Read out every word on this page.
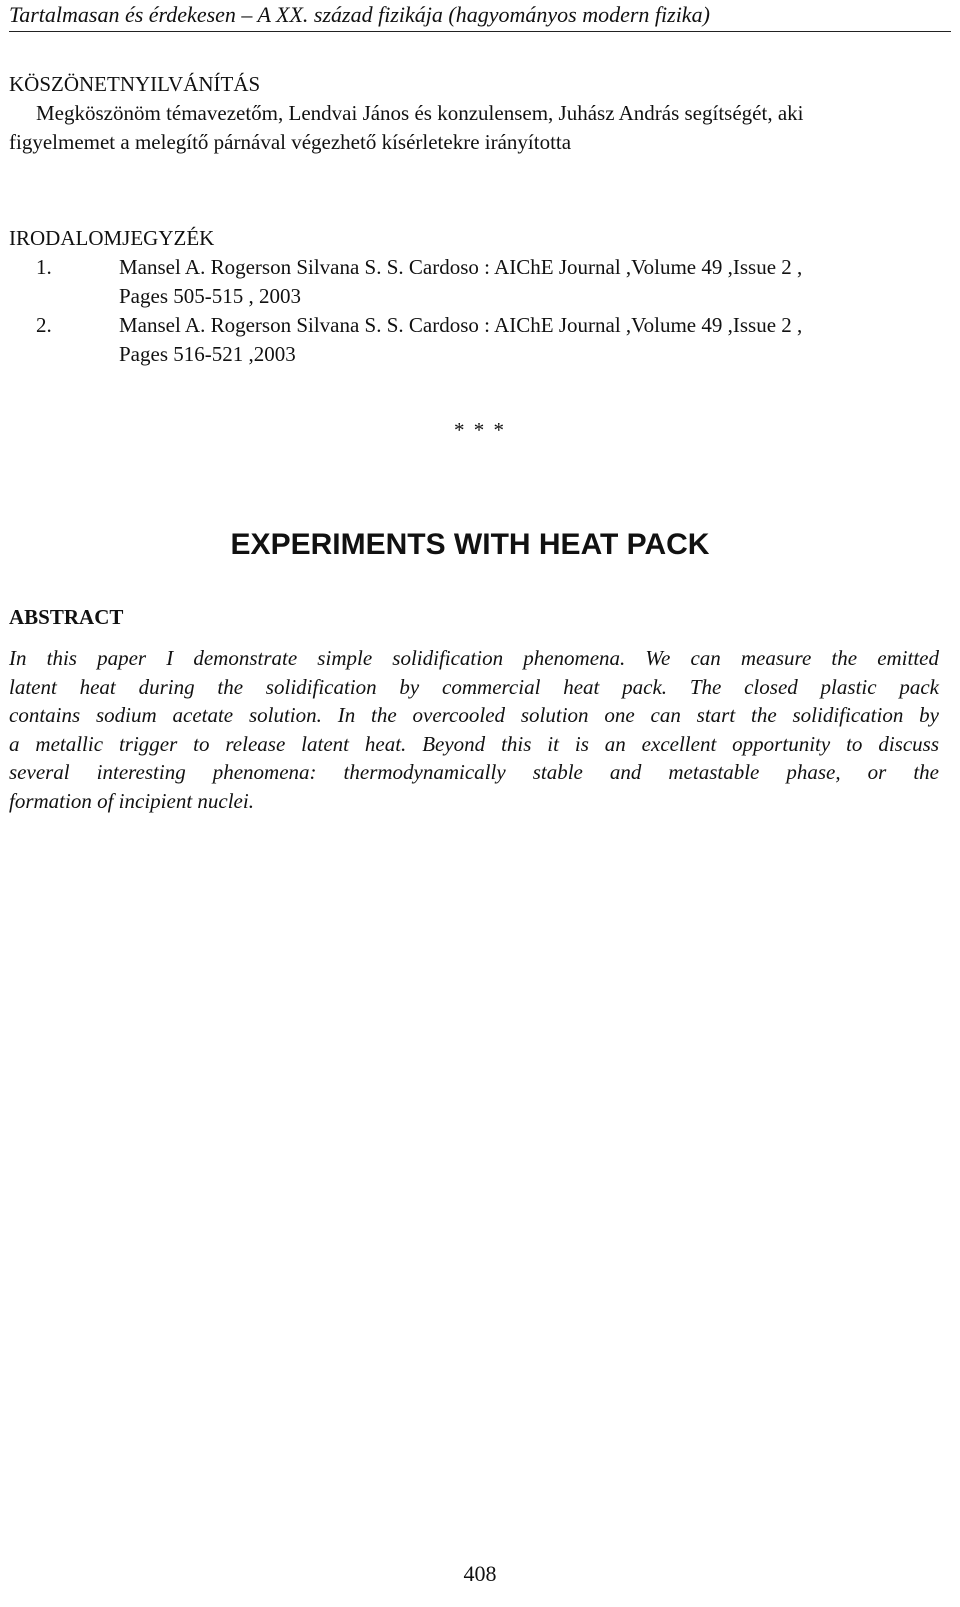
Tartalmasan és érdekesen – A XX. század fizikája (hagyományos modern fizika)
KÖSZÖNETNYILVÁNÍTÁS
Megköszönöm témavezetőm, Lendvai János és konzulensem, Juhász András segítségét, aki
figyelmemet a melegítő párnával végezhető kísérletekre irányította
IRODALOMJEGYZÉK
1.	Mansel A. Rogerson Silvana S. S. Cardoso : AIChE Journal ,Volume 49 ,Issue 2 ,
Pages 505-515 , 2003
2.	Mansel A. Rogerson Silvana S. S. Cardoso : AIChE Journal ,Volume 49 ,Issue 2 ,
Pages 516-521 ,2003
* * *
EXPERIMENTS WITH HEAT PACK
ABSTRACT
In this paper I demonstrate simple solidification phenomena. We can measure the emitted
latent heat during the solidification by commercial heat pack. The closed plastic pack
contains sodium acetate solution. In the overcooled solution one can start the solidification by
a metallic trigger to release latent heat. Beyond this it is an excellent opportunity to discuss
several interesting phenomena: thermodynamically stable and metastable phase, or the
formation of incipient nuclei.
408
